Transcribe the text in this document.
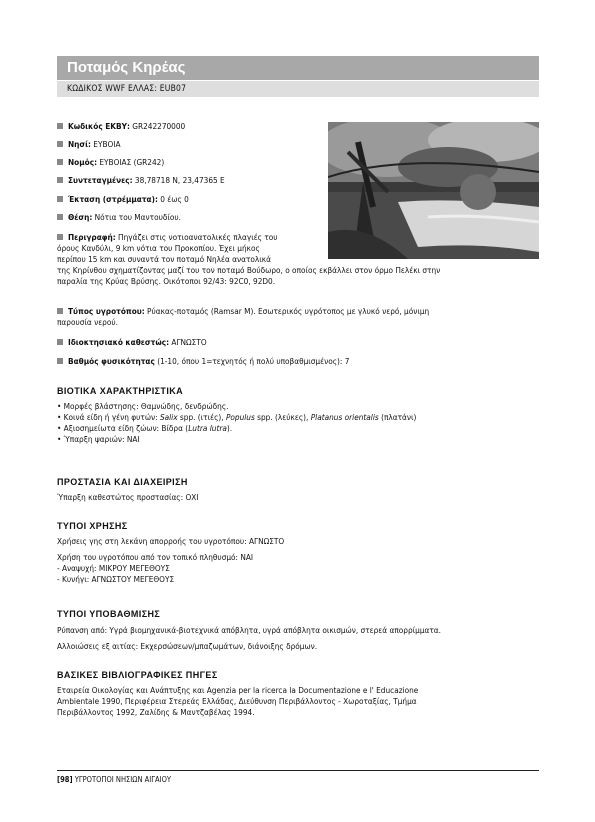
Ποταμός Κηρέας
ΚΩΔΙΚΟΣ WWF ΕΛΛΑΣ: EUB07
Κωδικός ΕΚΒΥ: GR242270000
Νησί: ΕΥΒΟΙΑ
Νομός: ΕΥΒΟΙΑΣ (GR242)
Συντεταγμένες: 38,78718 N, 23,47365 E
Έκταση (στρέμματα): 0 έως 0
Θέση: Νότια του Μαντουδίου.
Περιγραφή: Πηγάζει στις νοτιοανατολικές πλαγιές του
όρους Κανδύλι, 9 km νότια του Προκοπίου. Έχει μήκος
περίπου 15 km και συναντά τον ποταμό Νηλέα ανατολικά
της Κηρίνθου σχηματίζοντας μαζί του τον ποταμό Βούδωρο, ο οποίος εκβάλλει στον όρμο Πελέκι στην
παραλία της Κρύας Βρύσης. Οικότοποι 92/43: 92C0, 92D0.
Τύπος υγροτόπου: Ρύακας-ποταμός (Ramsar M). Εσωτερικός υγρότοπος με γλυκό νερό, μόνιμη
παρουσία νερού.
Ιδιοκτησιακό καθεστώς: ΑΓΝΩΣΤΟ
Βαθμός φυσικότητας (1-10, όπου 1=τεχνητός ή πολύ υποβαθμισμένος): 7
ΒΙΟΤΙΚΑ ΧΑΡΑΚΤΗΡΙΣΤΙΚΑ
• Μορφές βλάστησης: Θαμνώδης, δενδρώδης.
• Κοινά είδη ή γένη φυτών: Salix spp. (ιτιές), Populus spp. (λεύκες), Platanus orientalis (πλατάνι)
• Αξιοσημείωτα είδη ζώων: Βίδρα (Lutra lutra).
• Ύπαρξη ψαριών: ΝΑΙ
ΠΡΟΣΤΑΣΙΑ ΚΑΙ ΔΙΑΧΕΙΡΙΣΗ
Ύπαρξη καθεστώτος προστασίας: ΟΧΙ
ΤΥΠΟΙ ΧΡΗΣΗΣ
Χρήσεις γης στη λεκάνη απορροής του υγροτόπου: ΑΓΝΩΣΤΟ
Χρήση του υγροτόπου από τον τοπικό πληθυσμό: ΝΑΙ
- Αναψυχή: ΜΙΚΡΟΥ ΜΕΓΕΘΟΥΣ
- Κυνήγι: ΑΓΝΩΣΤΟΥ ΜΕΓΕΘΟΥΣ
ΤΥΠΟΙ ΥΠΟΒΑΘΜΙΣΗΣ
Ρύπανση από: Υγρά βιομηχανικά-βιοτεχνικά απόβλητα, υγρά απόβλητα οικισμών, στερεά απορρίμματα.
Αλλοιώσεις εξ αιτίας: Εκχερσώσεων/μπαζωμάτων, διάνοιξης δρόμων.
ΒΑΣΙΚΕΣ ΒΙΒΛΙΟΓΡΑΦΙΚΕΣ ΠΗΓΕΣ
Εταιρεία Οικολογίας και Ανάπτυξης και Agenzia per la ricerca la Documentazione e l' Educazione
Ambientale 1990, Περιφέρεια Στερεάς Ελλάδας, Διεύθυνση Περιβάλλοντος - Χωροταξίας, Τμήμα
Περιβάλλοντος 1992, Ζαλίδης & Μαντζαβέλας 1994.
[98] ΥΓΡΟΤΟΠΟΙ ΝΗΣΙΩΝ ΑΙΓΑΙΟΥ
